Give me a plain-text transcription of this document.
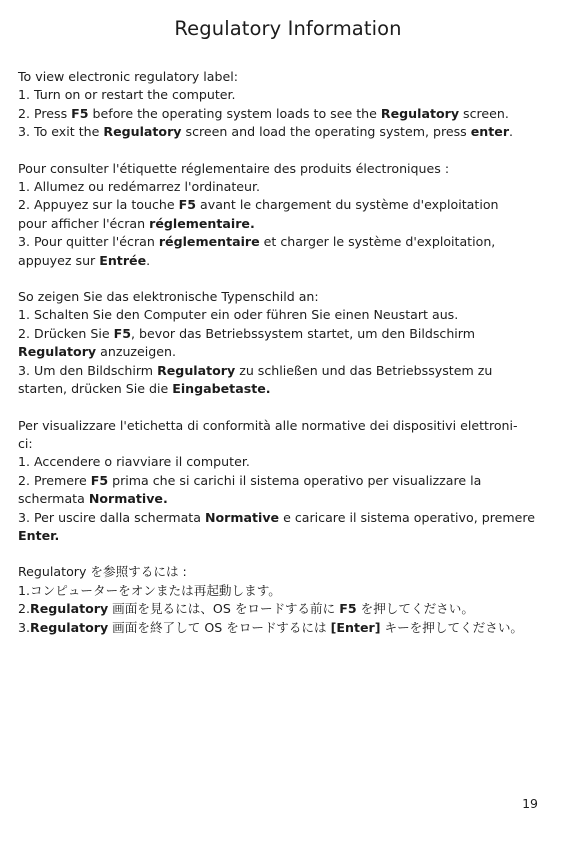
Regulatory Information
To view electronic regulatory label:
1. Turn on or restart the computer.
2. Press F5 before the operating system loads to see the Regulatory screen.
3. To exit the Regulatory screen and load the operating system, press enter.
Pour consulter l'étiquette réglementaire des produits électroniques :
1. Allumez ou redémarrez l'ordinateur.
2. Appuyez sur la touche F5 avant le chargement du système d'exploitation
pour afficher l'écran réglementaire.
3. Pour quitter l'écran réglementaire et charger le système d'exploitation,
appuyez sur Entrée.
So zeigen Sie das elektronische Typenschild an:
1. Schalten Sie den Computer ein oder führen Sie einen Neustart aus.
2. Drücken Sie F5, bevor das Betriebssystem startet, um den Bildschirm
Regulatory anzuzeigen.
3. Um den Bildschirm Regulatory zu schließen und das Betriebssystem zu
starten, drücken Sie die Eingabetaste.
Per visualizzare l'etichetta di conformità alle normative dei dispositivi elettroni-
ci:
1. Accendere o riavviare il computer.
2. Premere F5 prima che si carichi il sistema operativo per visualizzare la
schermata Normative.
3. Per uscire dalla schermata Normative e caricare il sistema operativo, premere
Enter.
Regulatory を参照するには :
1.コンピューターをオンまたは再起動します。
2.Regulatory 画面を見るには、OS をロードする前に F5 を押してください。
3.Regulatory 画面を終了して OS をロードするには [Enter] キーを押してください。
19
